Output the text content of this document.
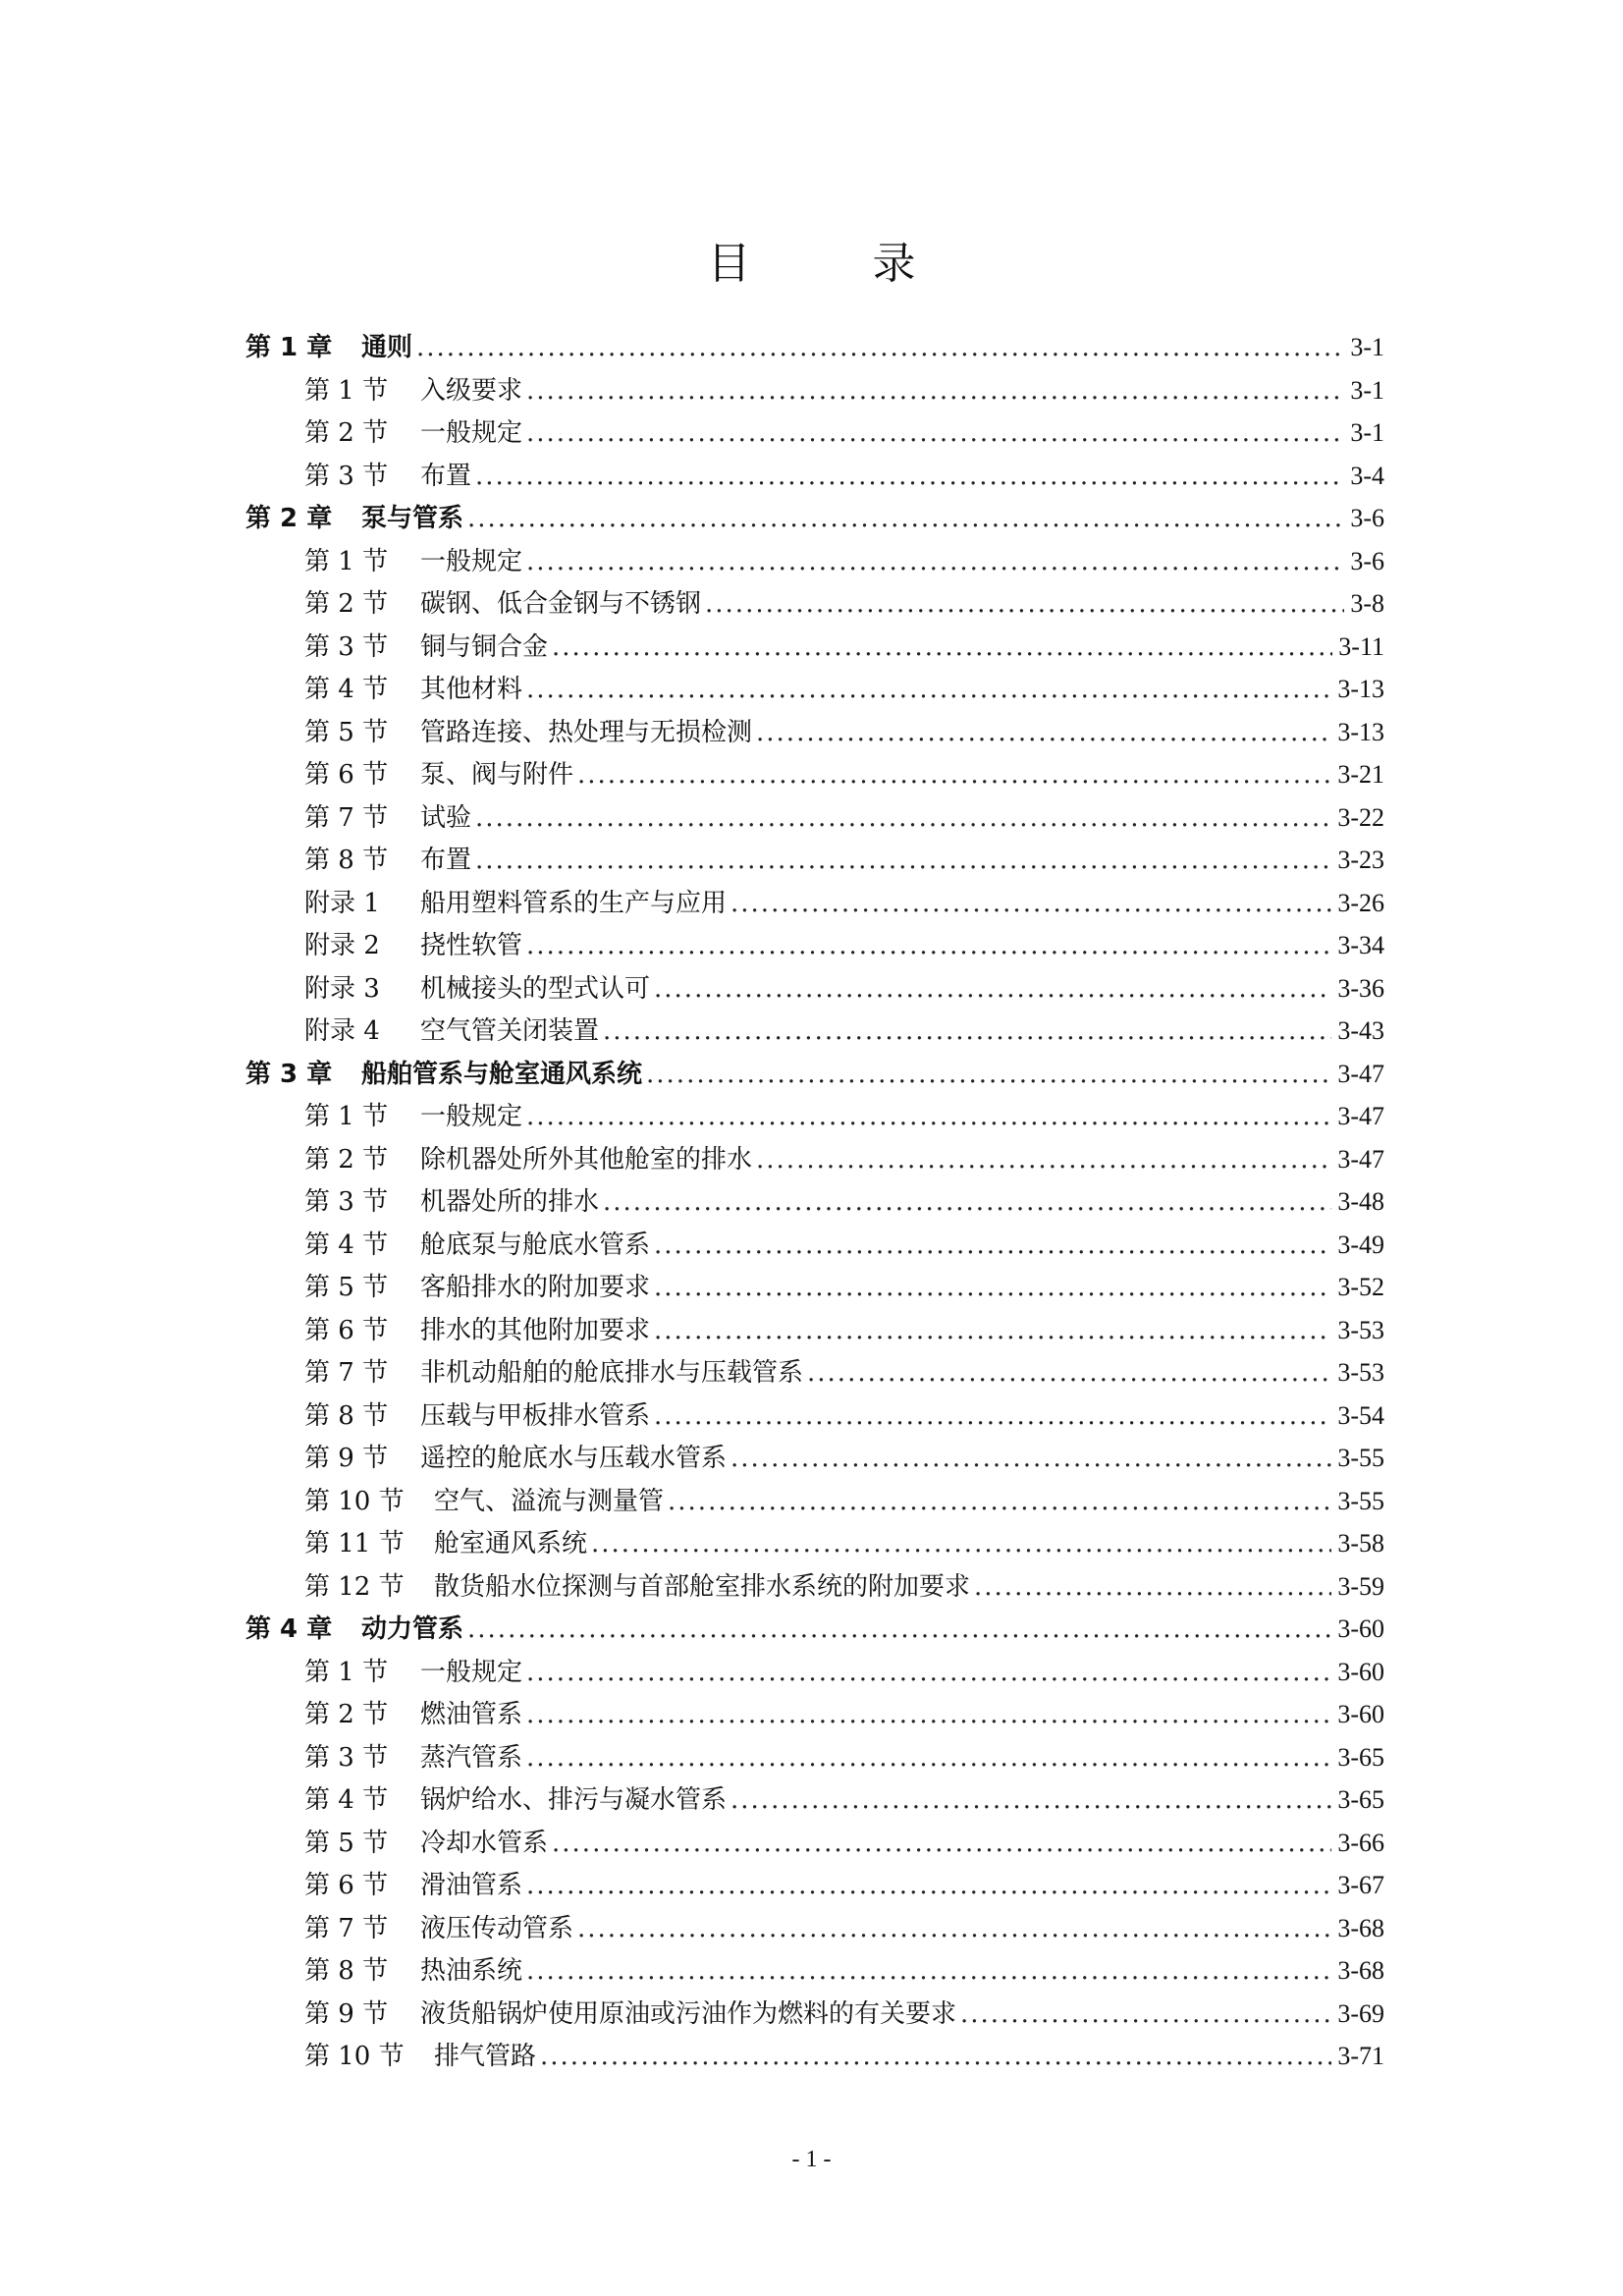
目　录
第 1 章	通则 .....	3-1
第 1 节	入级要求 .....	3-1
第 2 节	一般规定 .....	3-1
第 3 节	布置 .....	3-4
第 2 章	泵与管系 .....	3-6
第 1 节	一般规定 .....	3-6
第 2 节	碳钢、低合金钢与不锈钢 .....	3-8
第 3 节	铜与铜合金 .....	3-11
第 4 节	其他材料 .....	3-13
第 5 节	管路连接、热处理与无损检测 .....	3-13
第 6 节	泵、阀与附件 .....	3-21
第 7 节	试验 .....	3-22
第 8 节	布置 .....	3-23
附录 1	船用塑料管系的生产与应用 .....	3-26
附录 2	挠性软管 .....	3-34
附录 3	机械接头的型式认可 .....	3-36
附录 4	空气管关闭装置 .....	3-43
第 3 章	船舶管系与舱室通风系统 .....	3-47
第 1 节	一般规定 .....	3-47
第 2 节	除机器处所外其他舱室的排水 .....	3-47
第 3 节	机器处所的排水 .....	3-48
第 4 节	舱底泵与舱底水管系 .....	3-49
第 5 节	客船排水的附加要求 .....	3-52
第 6 节	排水的其他附加要求 .....	3-53
第 7 节	非机动船舶的舱底排水与压载管系 .....	3-53
第 8 节	压载与甲板排水管系 .....	3-54
第 9 节	遥控的舱底水与压载水管系 .....	3-55
第 10 节	空气、溢流与测量管 .....	3-55
第 11 节	舱室通风系统 .....	3-58
第 12 节	散货船水位探测与首部舱室排水系统的附加要求 .....	3-59
第 4 章	动力管系 .....	3-60
第 1 节	一般规定 .....	3-60
第 2 节	燃油管系 .....	3-60
第 3 节	蒸汽管系 .....	3-65
第 4 节	锅炉给水、排污与凝水管系 .....	3-65
第 5 节	冷却水管系 .....	3-66
第 6 节	滑油管系 .....	3-67
第 7 节	液压传动管系 .....	3-68
第 8 节	热油系统 .....	3-68
第 9 节	液货船锅炉使用原油或污油作为燃料的有关要求 .....	3-69
第 10 节	排气管路 .....	3-71
- 1 -
